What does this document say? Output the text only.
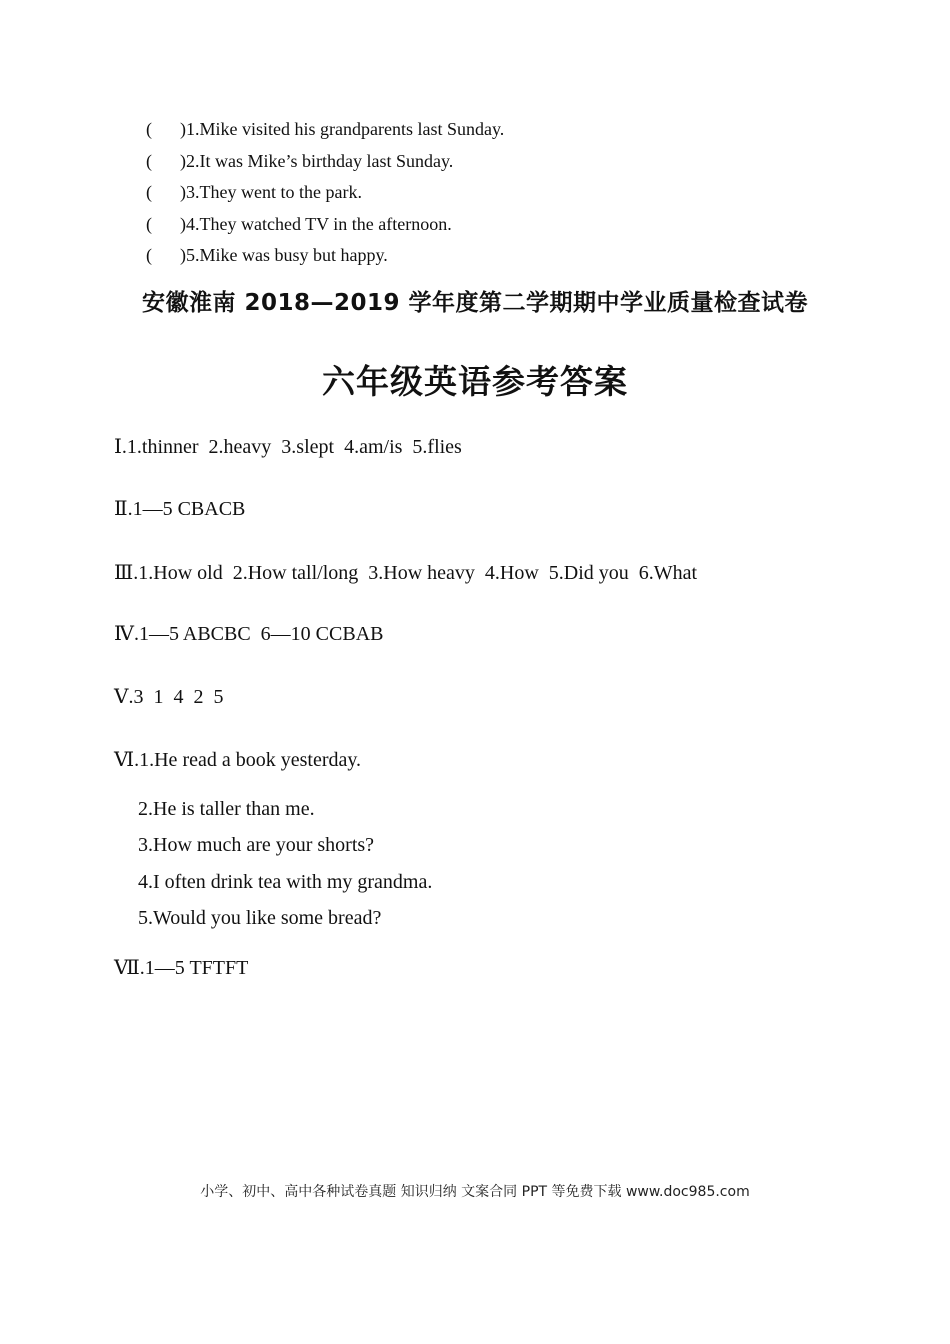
( )1.Mike visited his grandparents last Sunday.
( )2.It was Mike’s birthday last Sunday.
( )3.They went to the park.
( )4.They watched TV in the afternoon.
( )5.Mike was busy but happy.
安徽淮南 2018—2019 学年度第二学期期中学业质量检查试卷
六年级英语参考答案
Ⅰ.1.thinner  2.heavy  3.slept  4.am/is  5.flies
Ⅱ.1—5 CBACB
Ⅲ.1.How old  2.How tall/long  3.How heavy  4.How  5.Did you  6.What
Ⅳ.1—5 ABCBC  6—10 CCBAB
Ⅴ.3  1  4  2  5
Ⅵ.1.He read a book yesterday.
2.He is taller than me.
3.How much are your shorts?
4.I often drink tea with my grandma.
5.Would you like some bread?
Ⅶ.1—5 TFTFT
小学、初中、高中各种试卷真题 知识归纳 文案合同 PPT 等免费下载 www.doc985.com
